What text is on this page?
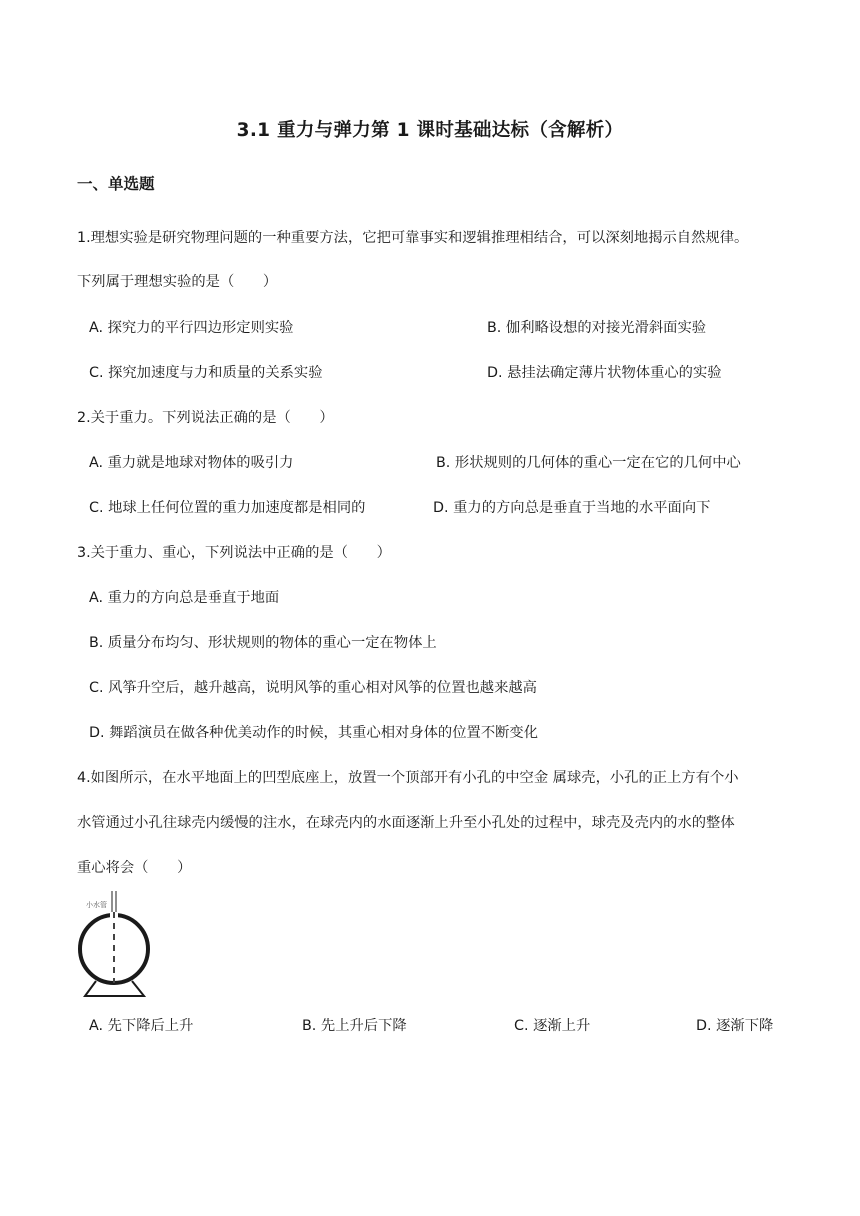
3.1 重力与弹力第 1 课时基础达标（含解析）
一、单选题
1.理想实验是研究物理问题的一种重要方法，它把可靠事实和逻辑推理相结合，可以深刻地揭示自然规律。
下列属于理想实验的是（　　）
A. 探究力的平行四边形定则实验	B. 伽利略设想的对接光滑斜面实验
C. 探究加速度与力和质量的关系实验	D. 悬挂法确定薄片状物体重心的实验
2.关于重力。下列说法正确的是（　　）
A. 重力就是地球对物体的吸引力	B. 形状规则的几何体的重心一定在它的几何中心
C. 地球上任何位置的重力加速度都是相同的	D. 重力的方向总是垂直于当地的水平面向下
3.关于重力、重心，下列说法中正确的是（　　）
A. 重力的方向总是垂直于地面
B. 质量分布均匀、形状规则的物体的重心一定在物体上
C. 风筝升空后，越升越高，说明风筝的重心相对风筝的位置也越来越高
D. 舞蹈演员在做各种优美动作的时候，其重心相对身体的位置不断变化
4.如图所示，在水平地面上的凹型底座上，放置一个顶部开有小孔的中空金 属球壳，小孔的正上方有个小
水管通过小孔往球壳内缓慢的注水，在球壳内的水面逐渐上升至小孔处的过程中，球壳及壳内的水的整体
重心将会（　　）
小水管
A. 先下降后上升	B. 先上升后下降	C. 逐渐上升	D. 逐渐下降
